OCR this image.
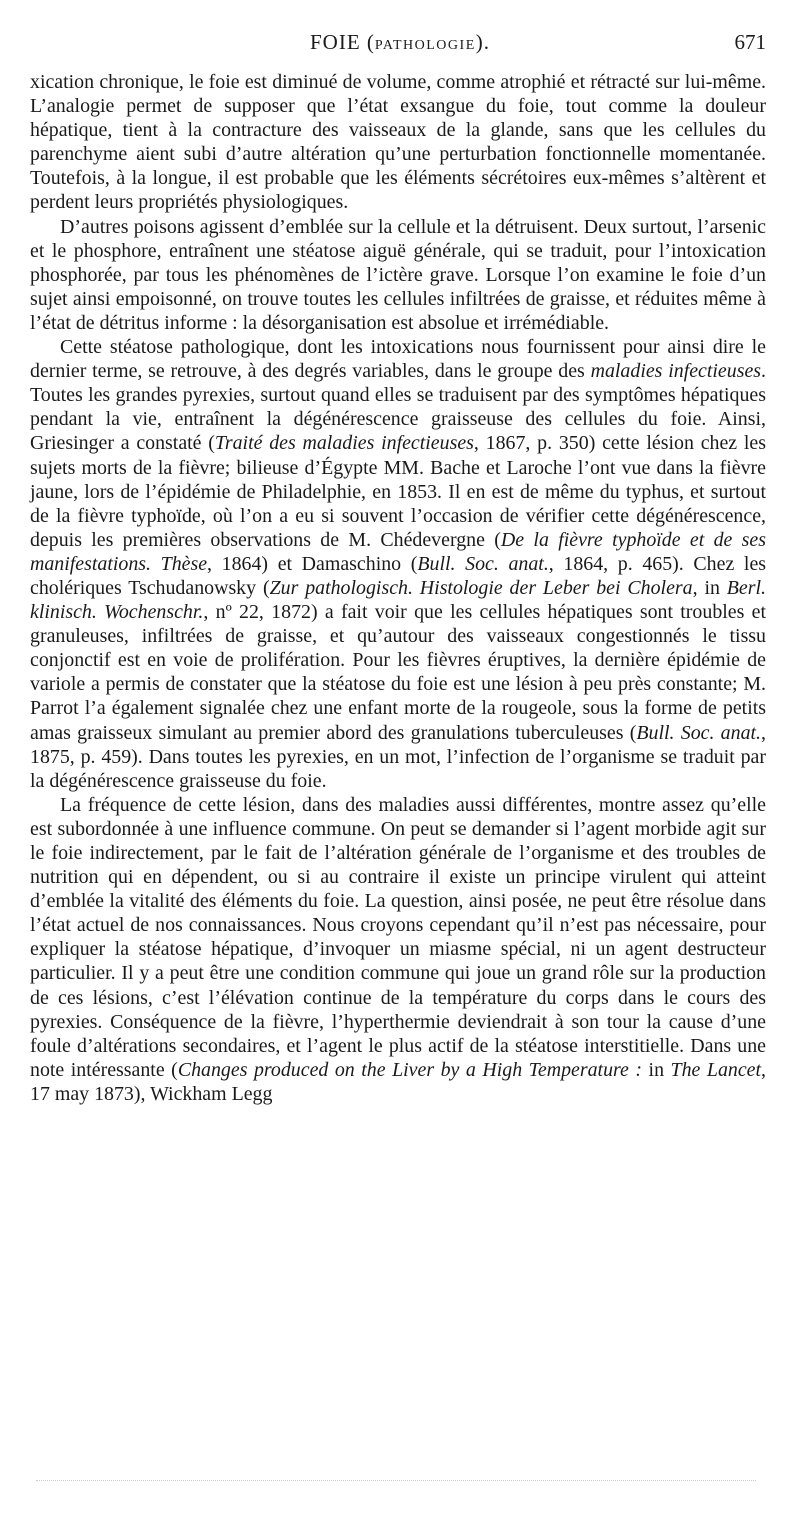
FOIE (PATHOLOGIE).	671

xication chronique, le foie est diminué de volume, comme atrophié et rétracté sur lui-même. L’analogie permet de supposer que l’état exsangue du foie, tout comme la douleur hépatique, tient à la contracture des vaisseaux de la glande, sans que les cellules du parenchyme aient subi d’autre altération qu’une perturbation fonctionnelle momentanée. Toutefois, à la longue, il est probable que les éléments sécrétoires eux-mêmes s’altèrent et perdent leurs propriétés physiologiques.

D’autres poisons agissent d’emblée sur la cellule et la détruisent. Deux surtout, l’arsenic et le phosphore, entraînent une stéatose aiguë générale, qui se traduit, pour l’intoxication phosphorée, par tous les phénomènes de l’ictère grave. Lorsque l’on examine le foie d’un sujet ainsi empoisonné, on trouve toutes les cellules infiltrées de graisse, et réduites même à l’état de détritus informe : la désorganisation est absolue et irrémédiable.

Cette stéatose pathologique, dont les intoxications nous fournissent pour ainsi dire le dernier terme, se retrouve, à des degrés variables, dans le groupe des maladies infectieuses. Toutes les grandes pyrexies, surtout quand elles se traduisent par des symptômes hépatiques pendant la vie, entraînent la dégénérescence graisseuse des cellules du foie. Ainsi, Griesinger a constaté (Traité des maladies infectieuses, 1867, p. 350) cette lésion chez les sujets morts de la fièvre; bilieuse d’Égypte MM. Bache et Laroche l’ont vue dans la fièvre jaune, lors de l’épidémie de Philadelphie, en 1853. Il en est de même du typhus, et surtout de la fièvre typhoïde, où l’on a eu si souvent l’occasion de vérifier cette dégénérescence, depuis les premières observations de M. Chédevergne (De la fièvre typhoïde et de ses manifestations. Thèse, 1864) et Damaschino (Bull. Soc. anat., 1864, p. 465). Chez les cholériques Tschudanowsky (Zur pathologisch. Histologie der Leber bei Cholera, in Berl. klinisch. Wochenschr., nº 22, 1872) a fait voir que les cellules hépatiques sont troubles et granuleuses, infiltrées de graisse, et qu’autour des vaisseaux congestionnés le tissu conjonctif est en voie de prolifération. Pour les fièvres éruptives, la dernière épidémie de variole a permis de constater que la stéatose du foie est une lésion à peu près constante; M. Parrot l’a également signalée chez une enfant morte de la rougeole, sous la forme de petits amas graisseux simulant au premier abord des granulations tuberculeuses (Bull. Soc. anat., 1875, p. 459). Dans toutes les pyrexies, en un mot, l’infection de l’organisme se traduit par la dégénérescence graisseuse du foie.

La fréquence de cette lésion, dans des maladies aussi différentes, montre assez qu’elle est subordonnée à une influence commune. On peut se demander si l’agent morbide agit sur le foie indirectement, par le fait de l’altération générale de l’organisme et des troubles de nutrition qui en dépendent, ou si au contraire il existe un principe virulent qui atteint d’emblée la vitalité des éléments du foie. La question, ainsi posée, ne peut être résolue dans l’état actuel de nos connaissances. Nous croyons cependant qu’il n’est pas nécessaire, pour expliquer la stéatose hépatique, d’invoquer un miasme spécial, ni un agent destructeur particulier. Il y a peut être une condition commune qui joue un grand rôle sur la production de ces lésions, c’est l’élévation continue de la température du corps dans le cours des pyrexies. Conséquence de la fièvre, l’hyperthermie deviendrait à son tour la cause d’une foule d’altérations secondaires, et l’agent le plus actif de la stéatose interstitielle. Dans une note intéressante (Changes produced on the Liver by a High Temperature : in The Lancet, 17 may 1873), Wickham Legg
